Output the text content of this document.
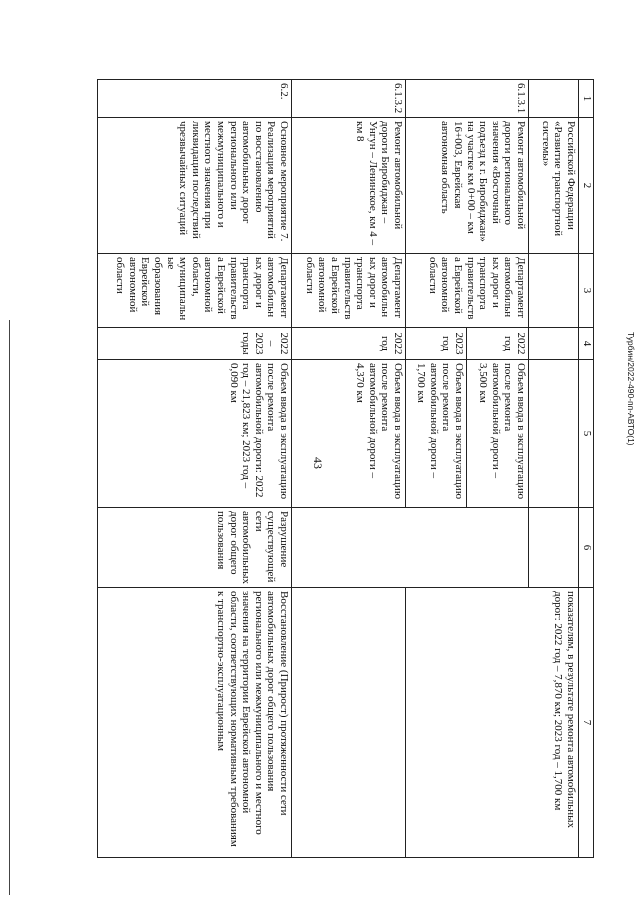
43
1	2	3	4	5	6	7
	Российской Федерации «Развитие транспортной системы»					показателям, в результате ремонта автомобильных дорог: 2022 год – 7,870 км; 2023 год – 1,700 км
6.1.3.1	Ремонт автомобильной дороги регионального значения «Восточный подъезд к г. Биробиджан» на участке км 0+00 – км 16+003, Еврейская автономная область	Департамент автомобильных дорог и транспорта правительства Еврейской автономной области	2022 год	Объем ввода в эксплуатацию после ремонта автомобильной дороги – 3,500 км		
			2023 год	Объем ввода в эксплуатацию после ремонта автомобильной дороги – 1,700 км		
6.1.3.2	Ремонт автомобильной дороги Биробиджан – Унгун – Ленинское, км 4 – км 8	Департамент автомобильных дорог и транспорта правительства Еврейской автономной области	2022 год	Объем ввода в эксплуатацию после ремонта автомобильной дороги – 4,370 км		
6.2.	Основное мероприятие 7. Реализация мероприятий по восстановлению автомобильных дорог регионального или межмуниципального и местного значения при ликвидации последствий чрезвычайных ситуаций	Департамент автомобильных дорог и транспорта правительства Еврейской автономной области, муниципальные образования Еврейской автономной области	2022 – 2023 годы	Объем ввода в эксплуатацию после ремонта автомобильной дороги: 2022 год – 21,823 км; 2023 год – 0,090 км	Разрушение существующей сети автомобильных дорог общего пользования	Восстановление (Прирост) протяженности сети автомобильных дорог общего пользования регионального или межмуниципального и местного значения на территории Еврейской автономной области, соответствующих нормативным требованиям к транспортно-эксплуатационным
Турбин/2022-490-пп-АВТО(1)
